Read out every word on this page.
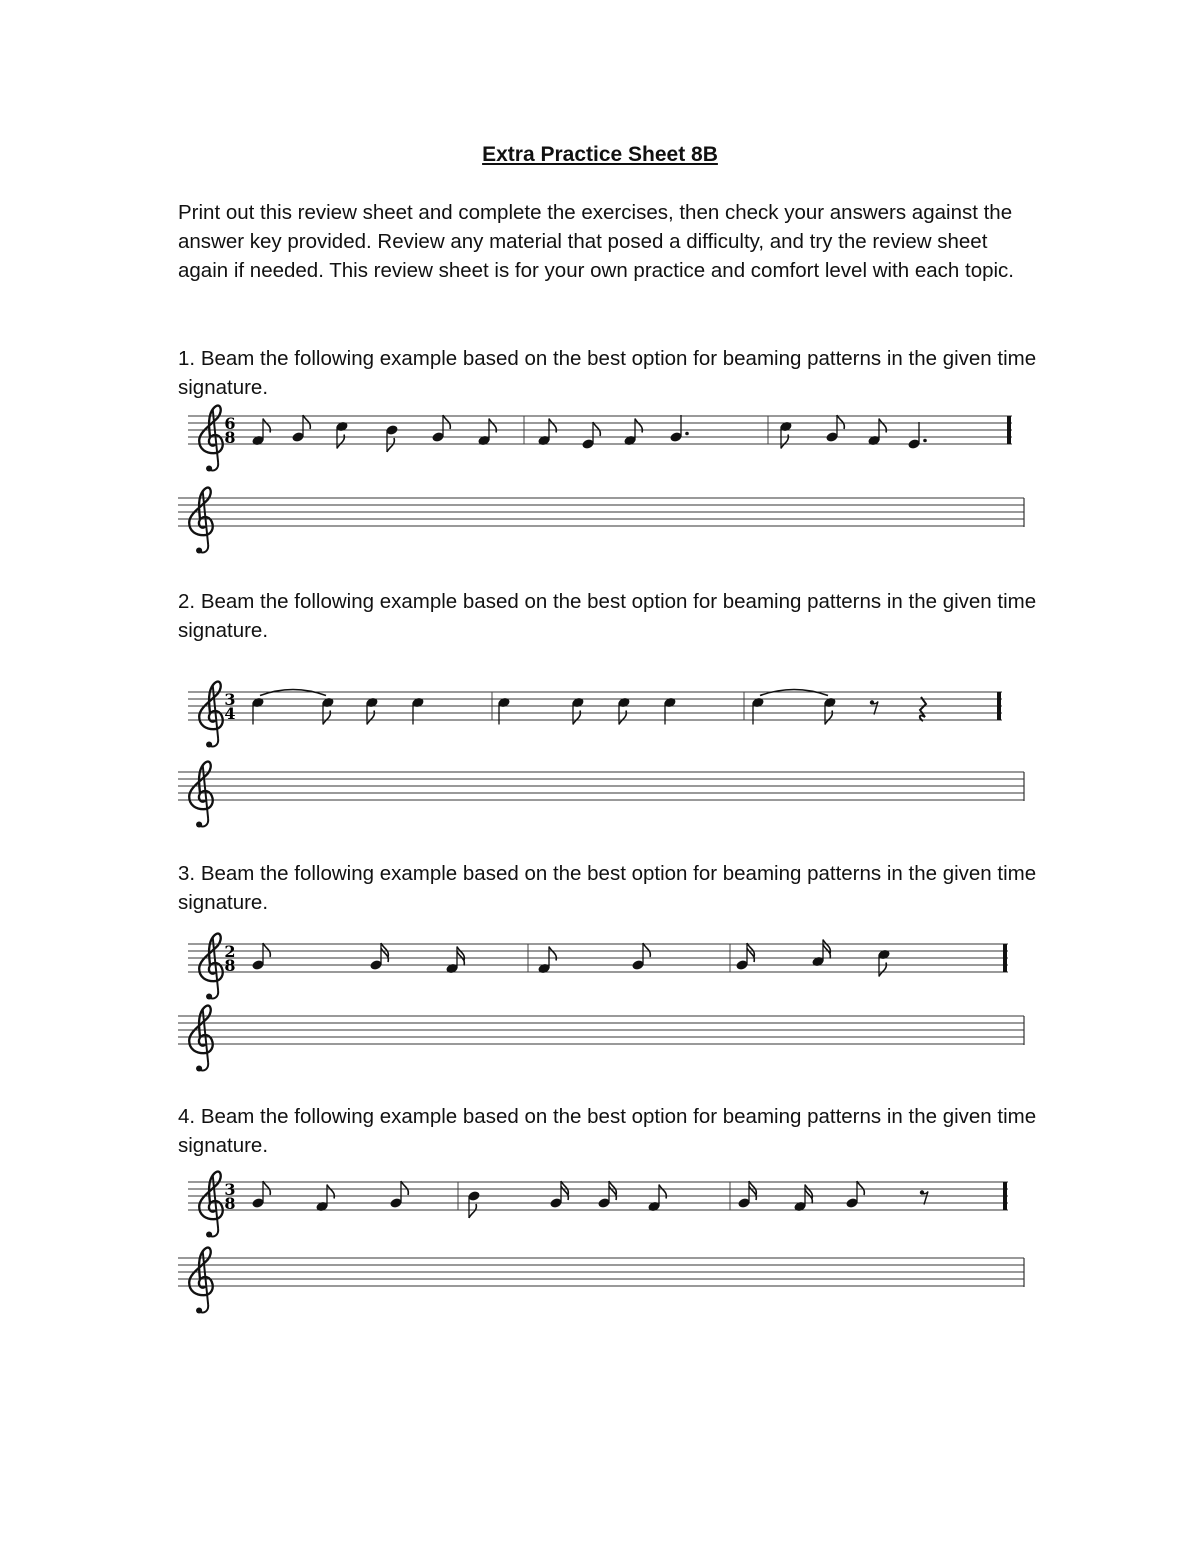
Extra Practice Sheet 8B

Print out this review sheet and complete the exercises, then check your answers against the answer key provided. Review any material that posed a difficulty, and try the review sheet again if needed. This review sheet is for your own practice and comfort level with each topic.

1. Beam the following example based on the best option for beaming patterns in the given time signature.

2. Beam the following example based on the best option for beaming patterns in the given time signature.

3. Beam the following example based on the best option for beaming patterns in the given time signature.

4. Beam the following example based on the best option for beaming patterns in the given time signature.

6
8
3
4
2
8
3
8
